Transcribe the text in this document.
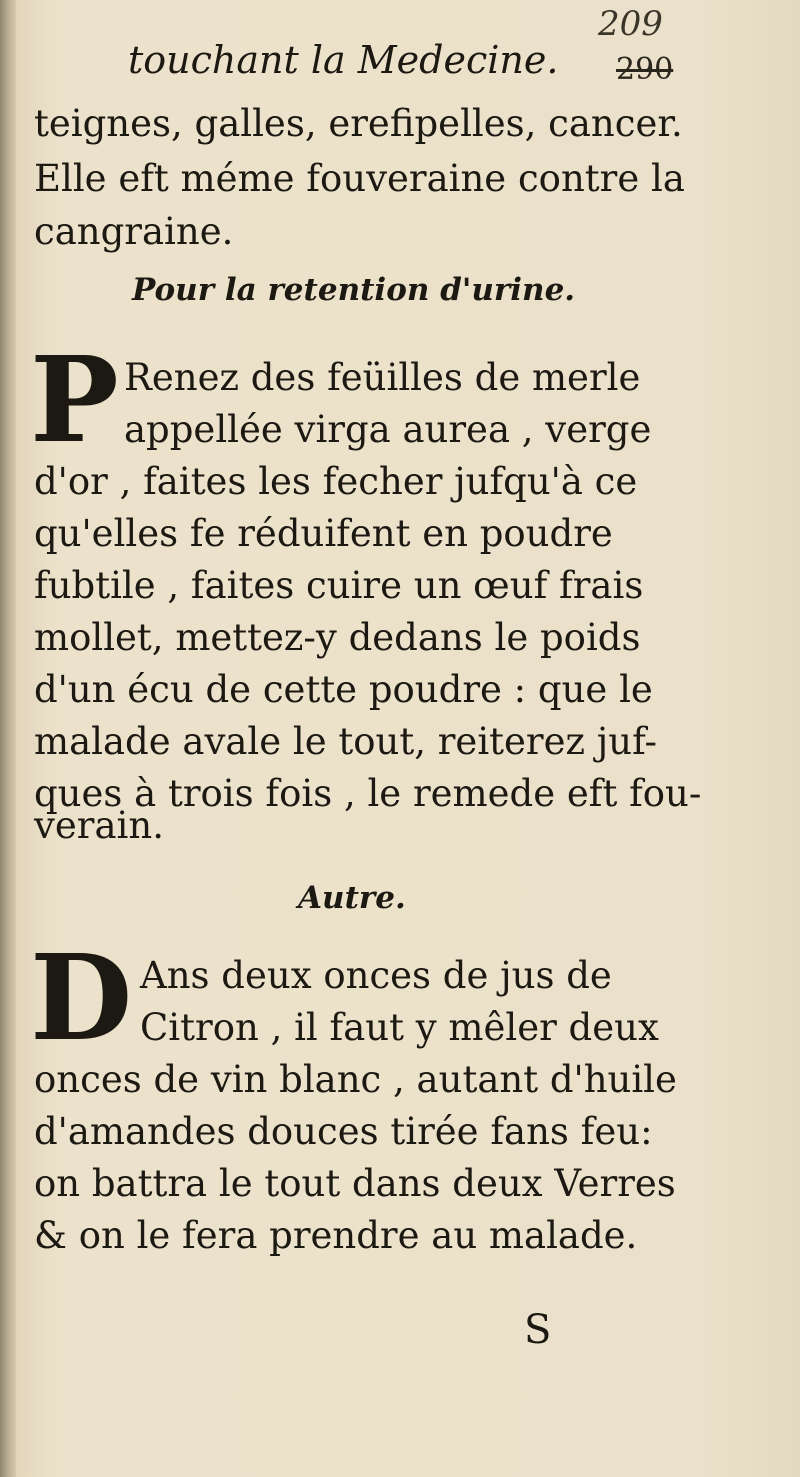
touchant la Medecine.
209
290
teignes, galles, erefipelles, cancer.
Elle eft méme fouveraine contre la
cangraine.
Pour la retention d'urine.
P Renez des feüilles de merle
appellée virga aurea , verge
d'or , faites les fecher jufqu'à ce
qu'elles fe réduifent en poudre
fubtile , faites cuire un œuf frais
mollet, mettez-y dedans le poids
d'un écu de cette poudre : que le
malade avale le tout, reiterez juf-
ques à trois fois , le remede eft fou-
verain.
Autre.
D Ans deux onces de jus de
Citron , il faut y mêler deux
onces de vin blanc , autant d'huile
d'amandes douces tirée fans feu:
on battra le tout dans deux Verres
& on le fera prendre au malade.
S
